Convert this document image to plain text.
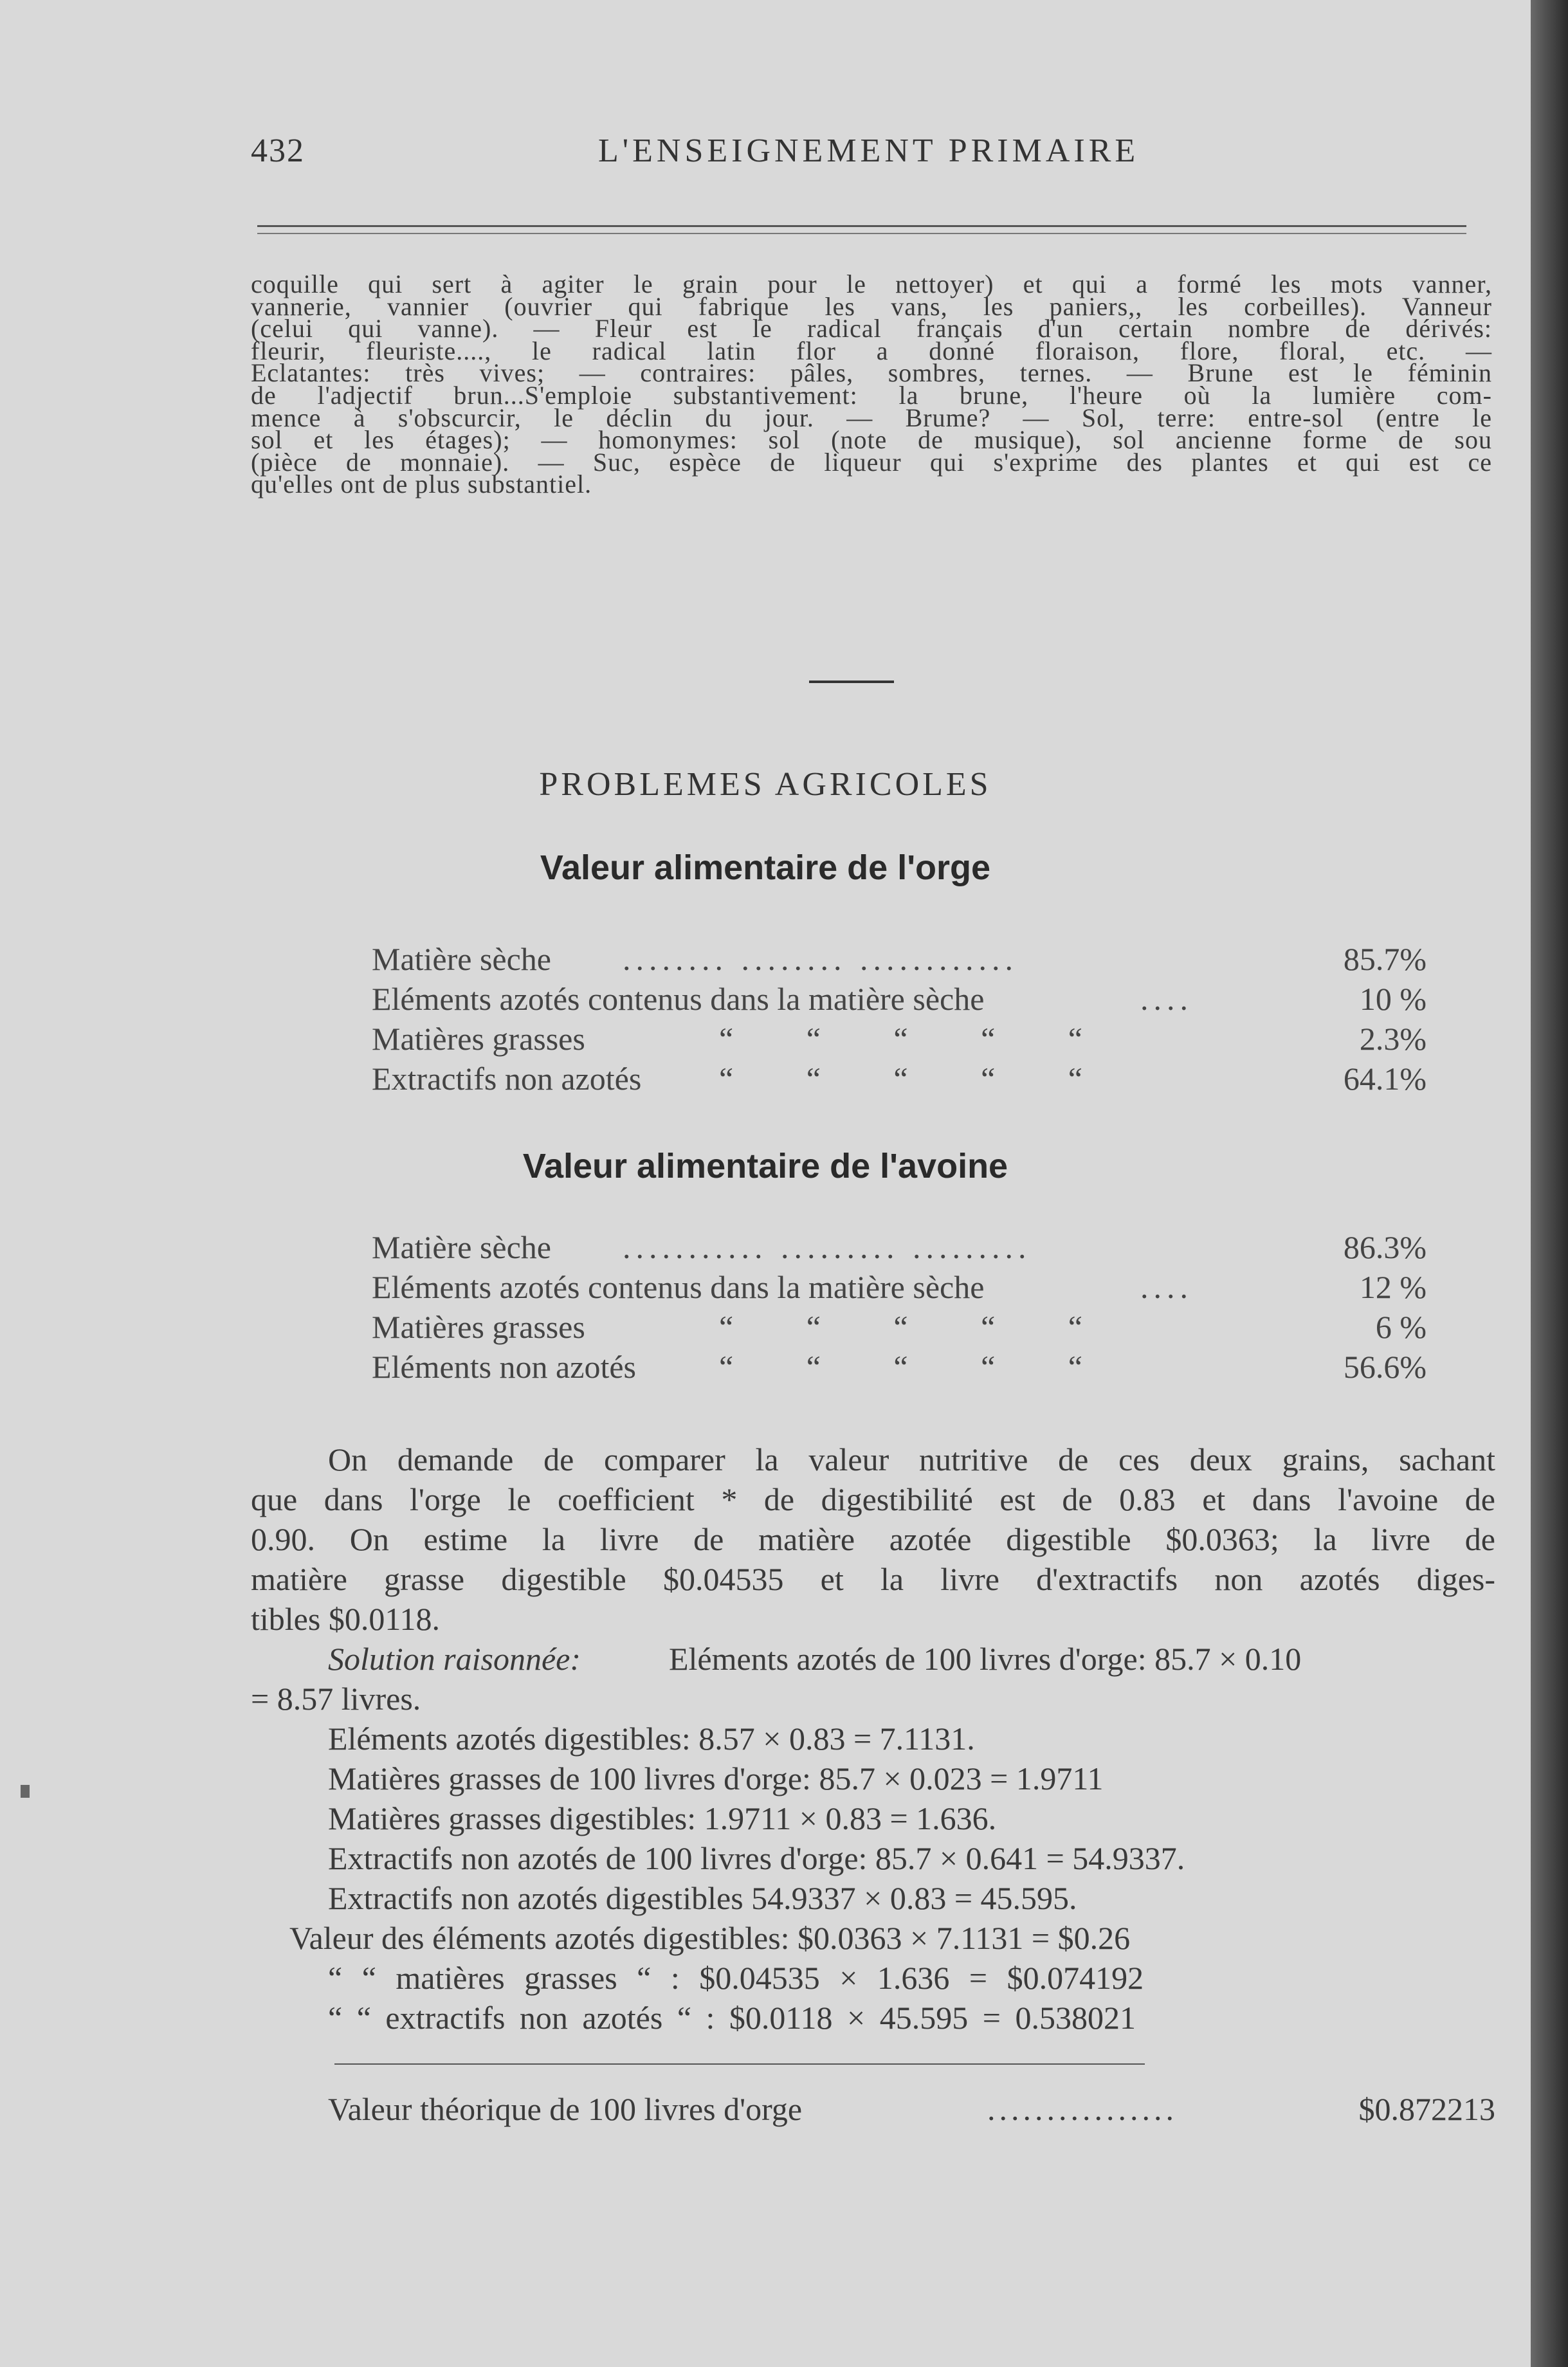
432	L'ENSEIGNEMENT PRIMAIRE
coquille qui sert à agiter le grain pour le nettoyer) et qui a formé les mots vanner,
vannerie, vannier (ouvrier qui fabrique les vans, les paniers,, les corbeilles). Vanneur
(celui qui vanne). — Fleur est le radical français d'un certain nombre de dérivés:
fleurir, fleuriste...., le radical latin flor a donné floraison, flore, floral, etc. —
Eclatantes: très vives; — contraires: pâles, sombres, ternes. — Brune est le féminin
de l'adjectif brun...S'emploie substantivement: la brune, l'heure où la lumière com-
mence à s'obscurcir, le déclin du jour. — Brume? — Sol, terre: entre-sol (entre le
sol et les étages); — homonymes: sol (note de musique), sol ancienne forme de sou
(pièce de monnaie). — Suc, espèce de liqueur qui s'exprime des plantes et qui est ce
qu'elles ont de plus substantiel.
PROBLEMES AGRICOLES
Valeur alimentaire de l'orge
Matière sèche ........ ........ ............	85.7%
Eléments azotés contenus dans la matière sèche	....	10 %
Matières grasses	“ “ “ “ “	2.3%
Extractifs non azotés “ “ “ “ “	64.1%
Valeur alimentaire de l'avoine
Matière sèche ........... ......... .........	86.3%
Eléments azotés contenus dans la matière sèche	....	12 %
Matières grasses	“ “ “ “ “	6 %
Eléments non azotés	“ “ “ “ “	56.6%
On demande de comparer la valeur nutritive de ces deux grains, sachant
que dans l'orge le coefficient * de digestibilité est de 0.83 et dans l'avoine de
0.90. On estime la livre de matière azotée digestible $0.0363; la livre de
matière grasse digestible $0.04535 et la livre d'extractifs non azotés diges-
tibles $0.0118.
Solution raisonnée:	Eléments azotés de 100 livres d'orge: 85.7 × 0.10
= 8.57 livres.
Eléments azotés digestibles: 8.57 × 0.83 = 7.1131.
Matières grasses de 100 livres d'orge: 85.7 × 0.023 = 1.9711
Matières grasses digestibles: 1.9711 × 0.83 = 1.636.
Extractifs non azotés de 100 livres d'orge: 85.7 × 0.641 = 54.9337.
Extractifs non azotés digestibles 54.9337 × 0.83 = 45.595.
Valeur des éléments azotés digestibles: $0.0363 × 7.1131 = $0.26
“ “ matières grasses “ : $0.04535 × 1.636 = $0.074192
“ “ extractifs non azotés “ : $0.0118 × 45.595 = 0.538021
Valeur théorique de 100 livres d'orge	................	$0.872213
